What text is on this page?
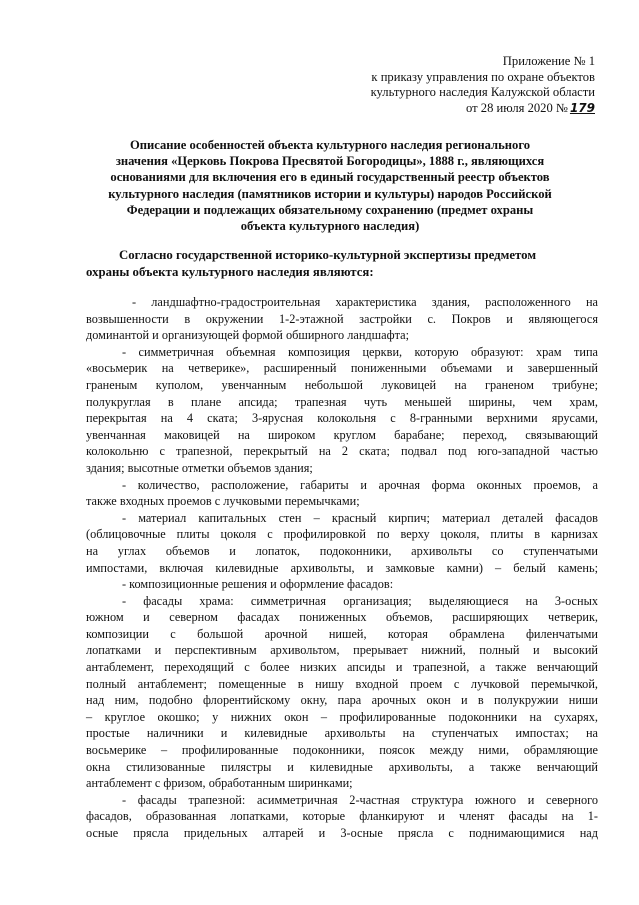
Приложение № 1
к приказу управления по охране объектов
культурного наследия Калужской области
от 28 июля 2020 № 179
Описание особенностей объекта культурного наследия регионального
значения «Церковь Покрова Пресвятой Богородицы», 1888 г., являющихся
основаниями для включения его в единый государственный реестр объектов
культурного наследия (памятников истории и культуры) народов Российской
Федерации и подлежащих обязательному сохранению (предмет охраны
объекта культурного наследия)
Согласно государственной историко-культурной экспертизы предметом
охраны объекта культурного наследия являются:
- ландшафтно-градостроительная характеристика здания, расположенного на
возвышенности в окружении 1-2-этажной застройки с. Покров и являющегося
доминантой и организующей формой обширного ландшафта;
- симметричная объемная композиция церкви, которую образуют: храм типа
«восьмерик на четверике», расширенный пониженными объемами и завершенный
граненым куполом, увенчанным небольшой луковицей на граненом трибуне;
полукруглая в плане апсида; трапезная чуть меньшей ширины, чем храм,
перекрытая на 4 ската; 3-ярусная колокольня с 8-гранными верхними ярусами,
увенчанная маковицей на широком круглом барабане; переход, связывающий
колокольню с трапезной, перекрытый на 2 ската; подвал под юго-западной частью
здания; высотные отметки объемов здания;
- количество, расположение, габариты и арочная форма оконных проемов, а
также входных проемов с лучковыми перемычками;
- материал капитальных стен – красный кирпич; материал деталей фасадов
(облицовочные плиты цоколя с профилировкой по верху цоколя, плиты в карнизах
на углах объемов и лопаток, подоконники, архивольты со ступенчатыми
импостами, включая килевидные архивольты, и замковые камни) – белый камень;
- композиционные решения и оформление фасадов:
- фасады храма: симметричная организация; выделяющиеся на 3-осных
южном и северном фасадах пониженных объемов, расширяющих четверик,
композиции с большой арочной нишей, которая обрамлена филенчатыми
лопатками и перспективным архивольтом, прерывает нижний, полный и высокий
антаблемент, переходящий с более низких апсиды и трапезной, а также венчающий
полный антаблемент; помещенные в нишу входной проем с лучковой перемычкой,
над ним, подобно флорентийскому окну, пара арочных окон и в полукружии ниши
– круглое окошко; у нижних окон – профилированные подоконники на сухарях,
простые наличники и килевидные архивольты на ступенчатых импостах; на
восьмерике – профилированные подоконники, поясок между ними, обрамляющие
окна стилизованные пилястры и килевидные архивольты, а также венчающий
антаблемент с фризом, обработанным ширинками;
- фасады трапезной: асимметричная 2-частная структура южного и северного
фасадов, образованная лопатками, которые фланкируют и членят фасады на 1-
осные прясла придельных алтарей и 3-осные прясла с поднимающимися над
